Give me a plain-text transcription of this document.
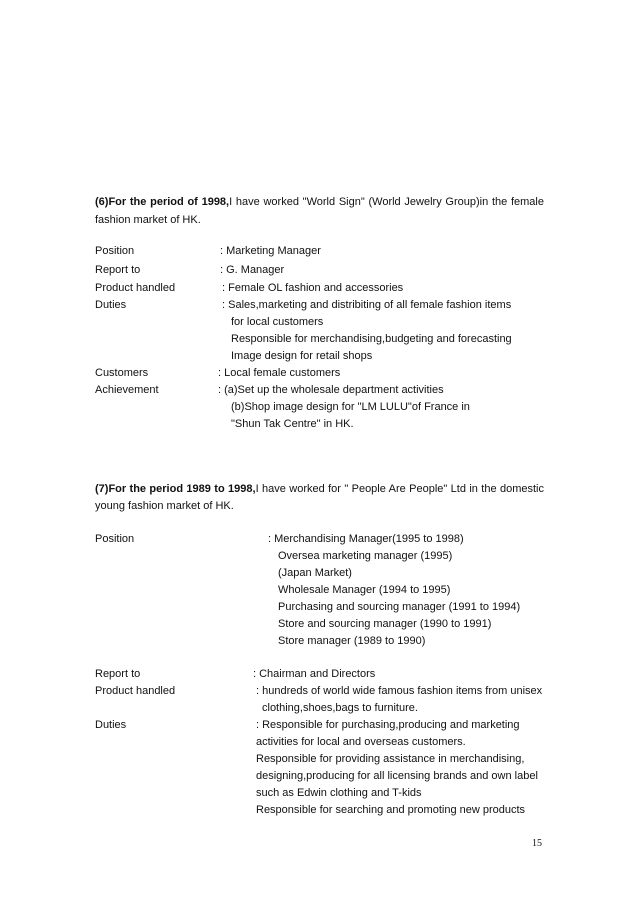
(6)For the period of 1998,I have worked "World Sign" (World Jewelry Group)in the female
fashion market of HK.
Position	: Marketing Manager
Report to	: G. Manager
Product handled	: Female OL fashion and accessories
Duties	: Sales,marketing and distribiting of all female fashion items
for local customers
Responsible for merchandising,budgeting and forecasting
Image design for retail shops
Customers	: Local female customers
Achievement	: (a)Set up the wholesale department activities
(b)Shop image design for "LM LULU"of France in
"Shun Tak Centre" in HK.
(7)For the period 1989 to 1998,I have worked for " People Are People" Ltd in the domestic
young fashion market of HK.
Position	: Merchandising Manager(1995 to 1998)
Oversea marketing manager (1995)
(Japan Market)
Wholesale Manager (1994 to 1995)
Purchasing and sourcing manager (1991 to 1994)
Store and sourcing manager (1990 to 1991)
Store manager (1989 to 1990)
Report to	: Chairman and Directors
Product handled	: hundreds of world wide famous fashion items from unisex
clothing,shoes,bags to furniture.
Duties	: Responsible for purchasing,producing and marketing
activities for local and overseas customers.
Responsible for providing assistance in merchandising,
designing,producing for all licensing brands and own label
such as Edwin clothing and T-kids
Responsible for searching and promoting new products
15
